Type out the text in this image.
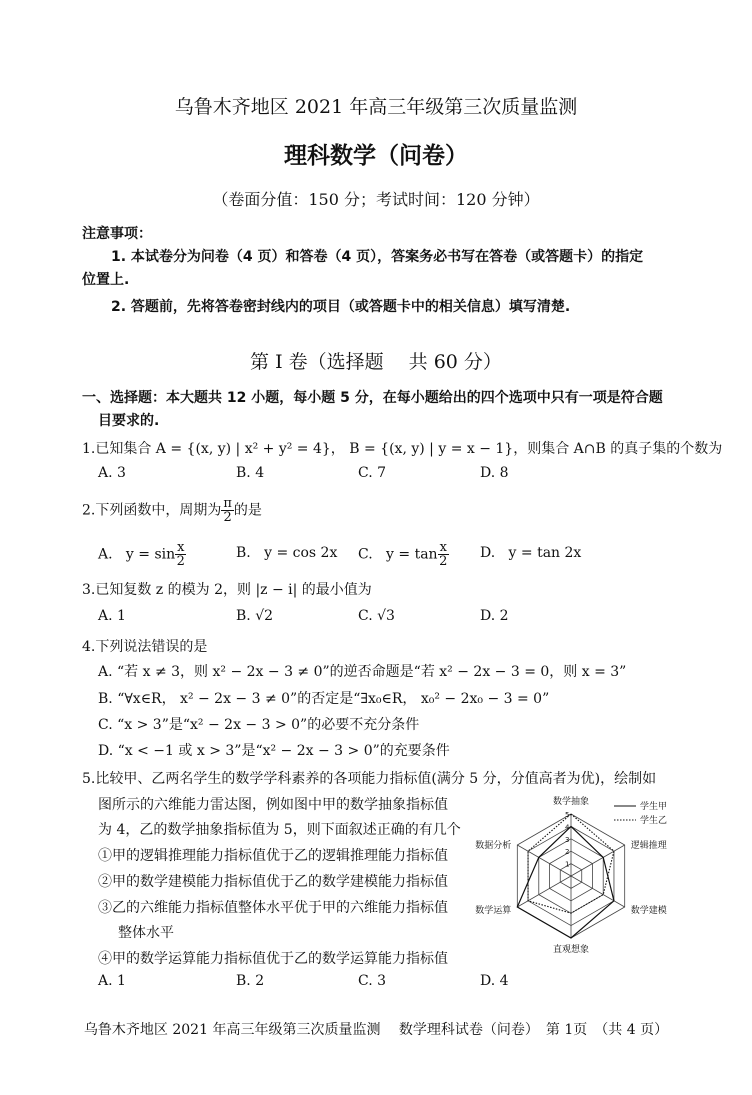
乌鲁木齐地区 2021 年高三年级第三次质量监测
理科数学（问卷）
（卷面分值：150 分；考试时间：120 分钟）
注意事项：
1. 本试卷分为问卷（4 页）和答卷（4 页），答案务必书写在答卷（或答题卡）的指定
位置上.
2. 答题前，先将答卷密封线内的项目（或答题卡中的相关信息）填写清楚.
第 I 卷（选择题　 共 60 分）
一、选择题：本大题共 12 小题，每小题 5 分，在每小题给出的四个选项中只有一项是符合题
目要求的.
1.已知集合 A = {(x, y) | x² + y² = 4}， B = {(x, y) | y = x − 1}，则集合 A∩B 的真子集的个数为
A. 3	B. 4	C. 7	D. 8
2.下列函数中，周期为 $\frac{\pi}{2}$ 的是
A. $y = \sin \frac{x}{2}$	B. y = cos 2x C. $y = \tan \frac{x}{2} D$. y = tan 2x
3.已知复数 z 的模为 2，则 |z − i| 的最小值为
A. 1	B. √2	C. √3	D. 2
4.下列说法错误的是
A. “若 x ≠ 3，则 x² − 2x − 3 ≠ 0”的逆否命题是“若 x² − 2x − 3 = 0，则 x = 3”
B. “∀x∈R， x² − 2x − 3 ≠ 0”的否定是“∃x₀∈R， x₀² − 2x₀ − 3 = 0”
C. “x > 3”是“x² − 2x − 3 > 0”的必要不充分条件
D. “x < −1 或 x > 3”是“x² − 2x − 3 > 0”的充要条件
5.比较甲、乙两名学生的数学学科素养的各项能力指标值(满分 5 分，分值高者为优)，绘制如
图所示的六维能力雷达图，例如图中甲的数学抽象指标值
为 4，乙的数学抽象指标值为 5，则下面叙述正确的有几个
①甲的逻辑推理能力指标值优于乙的逻辑推理能力指标值
②甲的数学建模能力指标值优于乙的数学建模能力指标值
③乙的六维能力指标值整体水平优于甲的六维能力指标值
整体水平
④甲的数学运算能力指标值优于乙的数学运算能力指标值
A. 1	B. 2	C. 3	D. 4
1
2
3
4
5
数学抽象
逻辑推理
数学建模
直观想象
数学运算
数据分析
学生甲
学生乙
乌鲁木齐地区 2021 年高三年级第三次质量监测　 数学理科试卷（问卷）　第 1页　（共 4 页）
